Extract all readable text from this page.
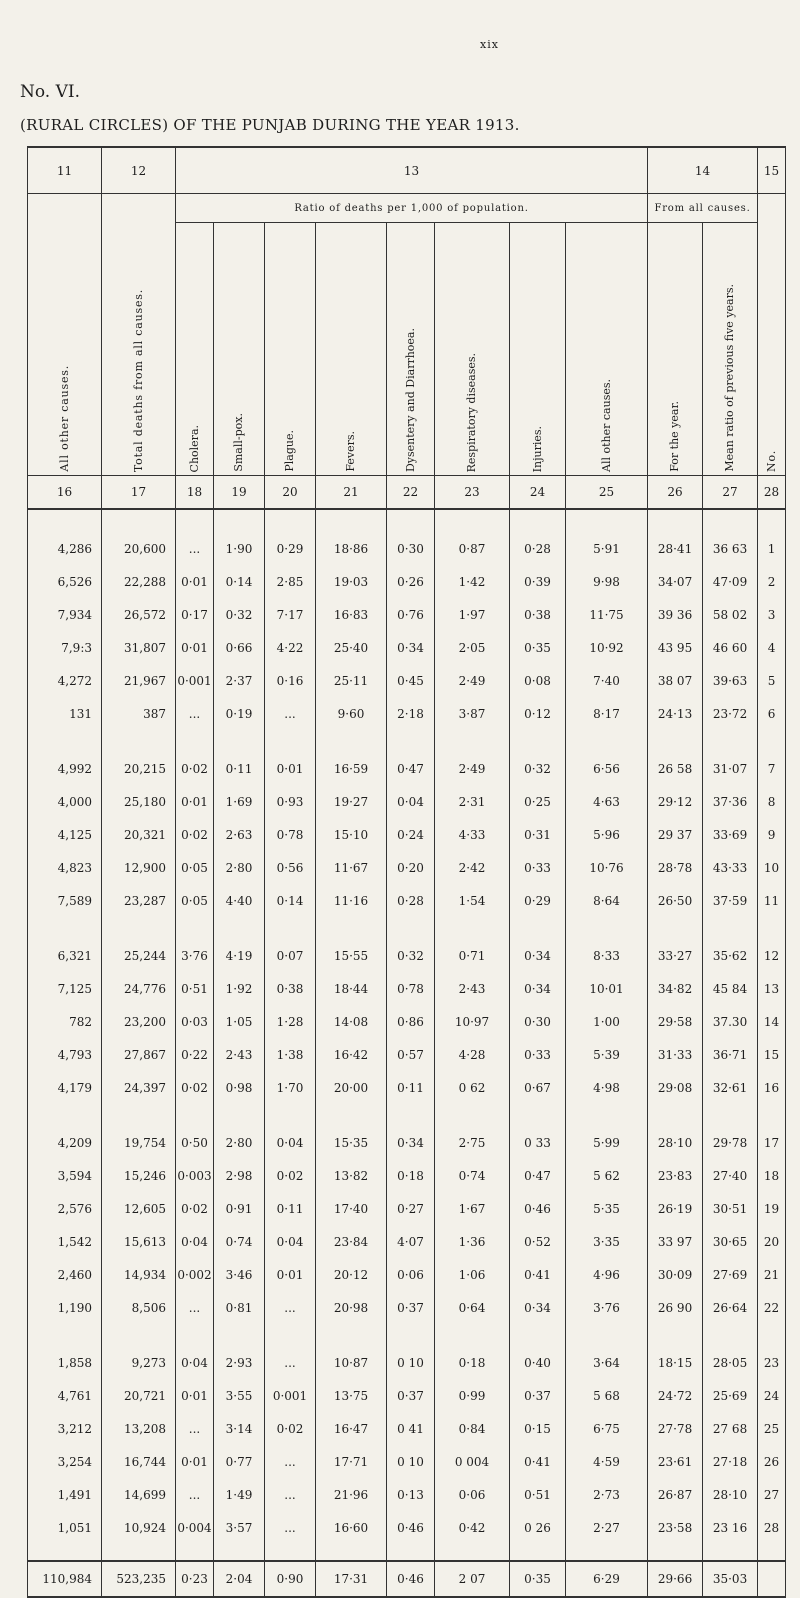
xix
No. VI.
(RURAL CIRCLES) OF THE PUNJAB DURING THE YEAR 1913.
11	12	13								14		15
All other causes.	Total deaths from all causes.	Ratio of deaths per 1,000 of population.								From all causes.		No.
		Cholera.	Small-pox.	Plague.	Fevers.	Dysentery and Diarrhoea.	Respiratory diseases.	Injuries.	All other causes.	For the year.	Mean ratio of previous five years.	
16	17	18	19	20	21	22	23	24	25	26	27	28

4,286	20,600	...	1·90	0·29	18·86	0·30	0·87	0·28	5·91	28·41	36 63	1
6,526	22,288	0·01	0·14	2·85	19·03	0·26	1·42	0·39	9·98	34·07	47·09	2
7,934	26,572	0·17	0·32	7·17	16·83	0·76	1·97	0·38	11·75	39 36	58 02	3
7,9:3	31,807	0·01	0·66	4·22	25·40	0·34	2·05	0·35	10·92	43 95	46 60	4
4,272	21,967	0·001	2·37	0·16	25·11	0·45	2·49	0·08	7·40	38 07	39·63	5
131	387	...	0·19	...	9·60	2·18	3·87	0·12	8·17	24·13	23·72	6

4,992	20,215	0·02	0·11	0·01	16·59	0·47	2·49	0·32	6·56	26 58	31·07	7
4,000	25,180	0·01	1·69	0·93	19·27	0·04	2·31	0·25	4·63	29·12	37·36	8
4,125	20,321	0·02	2·63	0·78	15·10	0·24	4·33	0·31	5·96	29 37	33·69	9
4,823	12,900	0·05	2·80	0·56	11·67	0·20	2·42	0·33	10·76	28·78	43·33	10
7,589	23,287	0·05	4·40	0·14	11·16	0·28	1·54	0·29	8·64	26·50	37·59	11

6,321	25,244	3·76	4·19	0·07	15·55	0·32	0·71	0·34	8·33	33·27	35·62	12
7,125	24,776	0·51	1·92	0·38	18·44	0·78	2·43	0·34	10·01	34·82	45 84	13
782	23,200	0·03	1·05	1·28	14·08	0·86	10·97	0·30	1·00	29·58	37.30	14
4,793	27,867	0·22	2·43	1·38	16·42	0·57	4·28	0·33	5·39	31·33	36·71	15
4,179	24,397	0·02	0·98	1·70	20·00	0·11	0 62	0·67	4·98	29·08	32·61	16

4,209	19,754	0·50	2·80	0·04	15·35	0·34	2·75	0 33	5·99	28·10	29·78	17
3,594	15,246	0·003	2·98	0·02	13·82	0·18	0·74	0·47	5 62	23·83	27·40	18
2,576	12,605	0·02	0·91	0·11	17·40	0·27	1·67	0·46	5·35	26·19	30·51	19
1,542	15,613	0·04	0·74	0·04	23·84	4·07	1·36	0·52	3·35	33 97	30·65	20
2,460	14,934	0·002	3·46	0·01	20·12	0·06	1·06	0·41	4·96	30·09	27·69	21
1,190	8,506	...	0·81	...	20·98	0·37	0·64	0·34	3·76	26 90	26·64	22

1,858	9,273	0·04	2·93	...	10·87	0 10	0·18	0·40	3·64	18·15	28·05	23
4,761	20,721	0·01	3·55	0·001	13·75	0·37	0·99	0·37	5 68	24·72	25·69	24
3,212	13,208	...	3·14	0·02	16·47	0 41	0·84	0·15	6·75	27·78	27 68	25
3,254	16,744	0·01	0·77	...	17·71	0 10	0 004	0·41	4·59	23·61	27·18	26
1,491	14,699	...	1·49	...	21·96	0·13	0·06	0·51	2·73	26·87	28·10	27
1,051	10,924	0·004	3·57	...	16·60	0·46	0·42	0 26	2·27	23·58	23 16	28

110,984	523,235	0·23	2·04	0·90	17·31	0·46	2 07	0·35	6·29	29·66	35·03	
